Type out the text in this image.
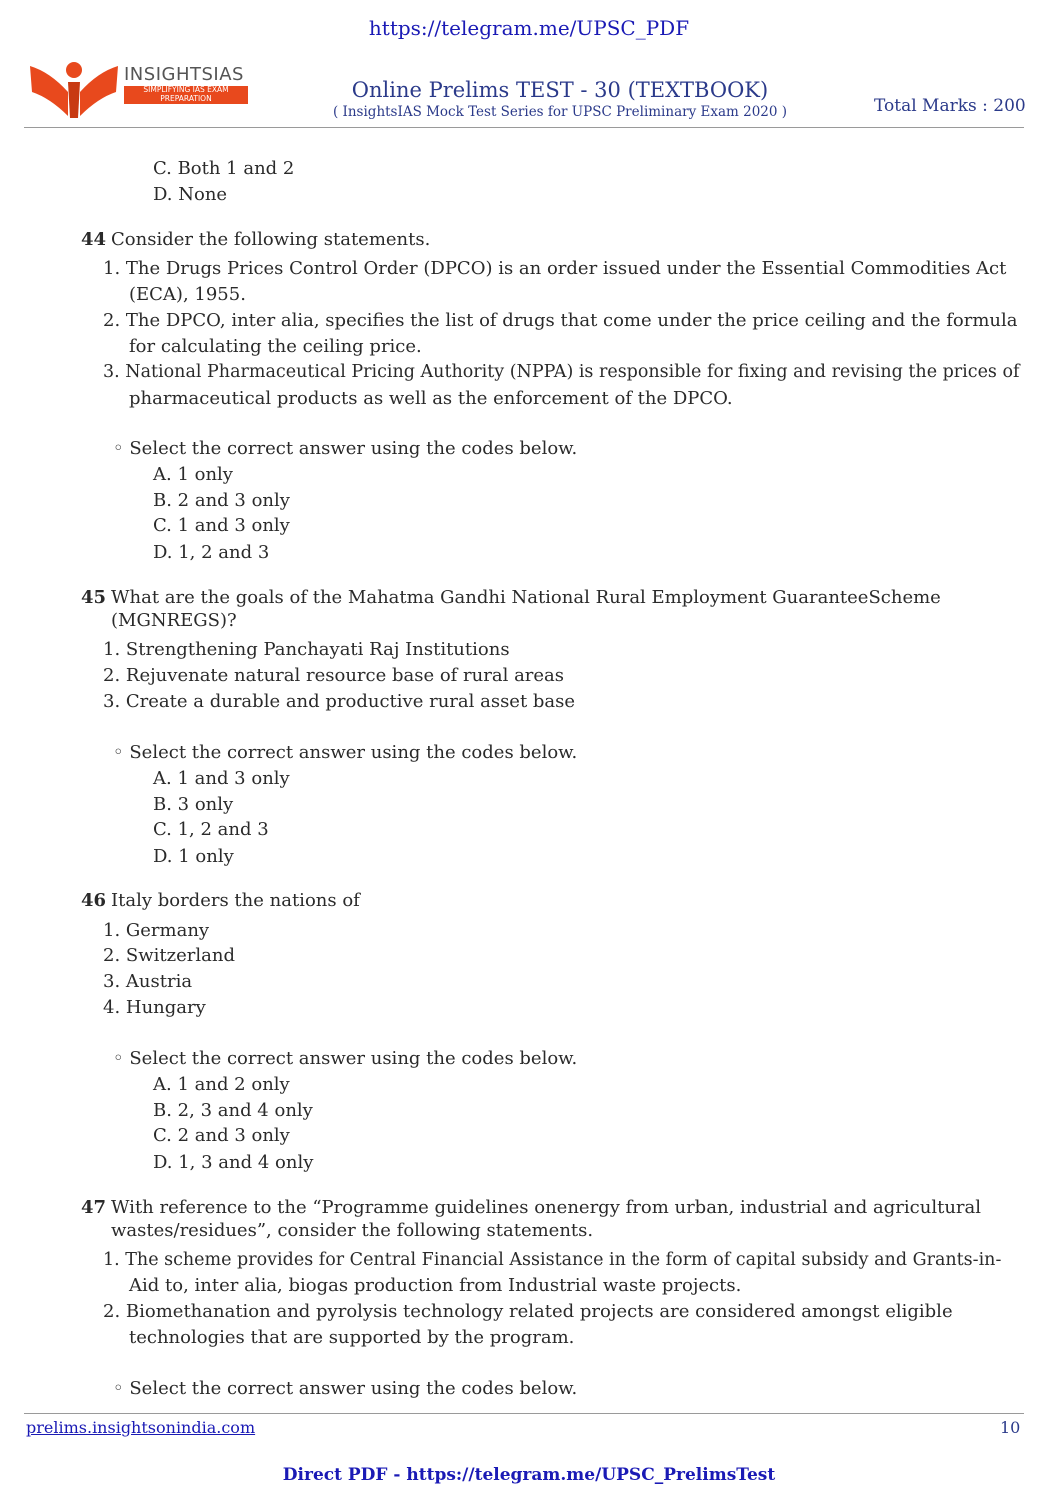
https://telegram.me/UPSC_PDF
INSIGHTSIAS
SIMPLIFYING IAS EXAM PREPARATION	Online Prelims TEST - 30 (TEXTBOOK)
( InsightsIAS Mock Test Series for UPSC Preliminary Exam 2020 )	Total Marks : 200
C. Both 1 and 2
D. None
44 Consider the following statements.
1. The Drugs Prices Control Order (DPCO) is an order issued under the Essential Commodities Act
(ECA), 1955.
2. The DPCO, inter alia, specifies the list of drugs that come under the price ceiling and the formula
for calculating the ceiling price.
3. National Pharmaceutical Pricing Authority (NPPA) is responsible for fixing and revising the prices of
pharmaceutical products as well as the enforcement of the DPCO.
◦ Select the correct answer using the codes below.
A. 1 only
B. 2 and 3 only
C. 1 and 3 only
D. 1, 2 and 3
45 What are the goals of the Mahatma Gandhi National Rural Employment GuaranteeScheme
(MGNREGS)?
1. Strengthening Panchayati Raj Institutions
2. Rejuvenate natural resource base of rural areas
3. Create a durable and productive rural asset base
◦ Select the correct answer using the codes below.
A. 1 and 3 only
B. 3 only
C. 1, 2 and 3
D. 1 only
46 Italy borders the nations of
1. Germany
2. Switzerland
3. Austria
4. Hungary
◦ Select the correct answer using the codes below.
A. 1 and 2 only
B. 2, 3 and 4 only
C. 2 and 3 only
D. 1, 3 and 4 only
47 With reference to the “Programme guidelines onenergy from urban, industrial and agricultural
wastes/residues”, consider the following statements.
1. The scheme provides for Central Financial Assistance in the form of capital subsidy and Grants-in-
Aid to, inter alia, biogas production from Industrial waste projects.
2. Biomethanation and pyrolysis technology related projects are considered amongst eligible
technologies that are supported by the program.
◦ Select the correct answer using the codes below.
prelims.insightsonindia.com	10
Direct PDF - https://telegram.me/UPSC_PrelimsTest
